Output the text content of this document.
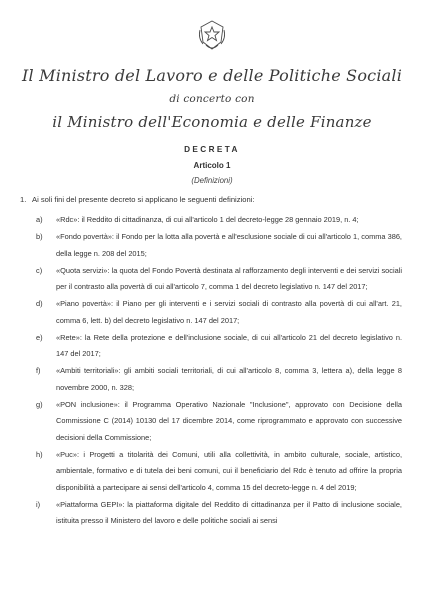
Il Ministro del Lavoro e delle Politiche Sociali
di concerto con
il Ministro dell'Economia e delle Finanze
DECRETA
Articolo 1
(Definizioni)
1. Ai soli fini del presente decreto si applicano le seguenti definizioni:
a)	«Rdc»: il Reddito di cittadinanza, di cui all'articolo 1 del decreto-legge 28 gennaio 2019, n. 4;
b)	«Fondo povertà»: il Fondo per la lotta alla povertà e all'esclusione sociale di cui all'articolo 1, comma 386, della legge n. 208 del 2015;
c)	«Quota servizi»: la quota del Fondo Povertà destinata al rafforzamento degli interventi e dei servizi sociali per il contrasto alla povertà di cui all'articolo 7, comma 1 del decreto legislativo n. 147 del 2017;
d)	«Piano povertà»: il Piano per gli interventi e i servizi sociali di contrasto alla povertà di cui all'art. 21, comma 6, lett. b) del decreto legislativo n. 147 del 2017;
e)	«Rete»: la Rete della protezione e dell'inclusione sociale, di cui all'articolo 21 del decreto legislativo n. 147 del 2017;
f)	«Ambiti territoriali»: gli ambiti sociali territoriali, di cui all'articolo 8, comma 3, lettera a), della legge 8 novembre 2000, n. 328;
g)	«PON inclusione»: il Programma Operativo Nazionale "Inclusione", approvato con Decisione della Commissione C (2014) 10130 del 17 dicembre 2014, come riprogrammato e approvato con successive decisioni della Commissione;
h)	«Puc»: i Progetti a titolarità dei Comuni, utili alla collettività, in ambito culturale, sociale, artistico, ambientale, formativo e di tutela dei beni comuni, cui il beneficiario del Rdc è tenuto ad offrire la propria disponibilità a partecipare ai sensi dell'articolo 4, comma 15 del decreto-legge n. 4 del 2019;
i)	«Piattaforma GEPI»: la piattaforma digitale del Reddito di cittadinanza per il Patto di inclusione sociale, istituita presso il Ministero del lavoro e delle politiche sociali ai sensi
